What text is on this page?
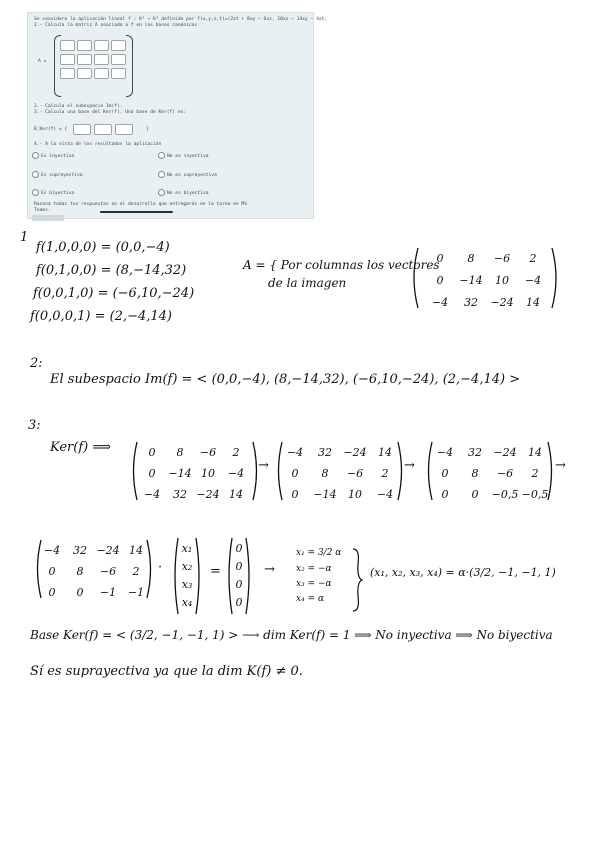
Se considera la aplicación lineal f : ℝ⁴ → ℝ³ definida por f(x,y,z,t)=(2xt + 8xy − 6xz, 10xz − 14xy − 4xt,
1.- Calcula la matriz A asociada a f en las bases canónicas
A =
2.- Calcula el subespacio Im(f).
3.- Calcula una base del Ker(f). Una base de Ker(f) es:
B_Ker(f) = {	}
4.- A la vista de los resultados la aplicación
Es inyectiva	No es inyectiva
Es suprayectiva	No es suprayectiva
Es biyectiva	No es biyectiva
Razona todas tus respuestas en el desarrollo que entregarás en la tarea en MS
Teams.
1
f(1,0,0,0) = (0,0,−4)
f(0,1,0,0) = (8,−14,32)
f(0,0,1,0) = (−6,10,−24)
f(0,0,0,1) = (2,−4,14)
A = { Por columnas los vectores
de la imagen
0 8 −6 2
0 −14 10 −4
−4 32 −24 14
2:
El subespacio Im(f) = < (0,0,−4), (8,−14,32), (−6,10,−24), (2,−4,14) >
3:
Ker(f) ⟹	0 8 −6 2
0 −14 10 −4
−4 32 −24 14
→
−4 32 −24 14
0 8 −6 2
0 −14 10 −4
→
−4 32 −24 14
0 8 −6 2
0 0 −0,5 −0,5
→
−4 32 −24 14
0 8 −6 2
0 0 −1 −1
·
x₁
x₂
x₃
x₄
=
0
0
0
0
→
x₁ = 3/2 α
x₂ = −α
x₃ = −α
x₄ = α
(x₁, x₂, x₃, x₄) = α·(3/2, −1, −1, 1)
Base Ker(f) = < (3/2, −1, −1, 1) > ⟶ dim Ker(f) = 1 ⟹ No inyectiva ⟹ No biyectiva
Sí es suprayectiva ya que la dim K(f) ≠ 0.
